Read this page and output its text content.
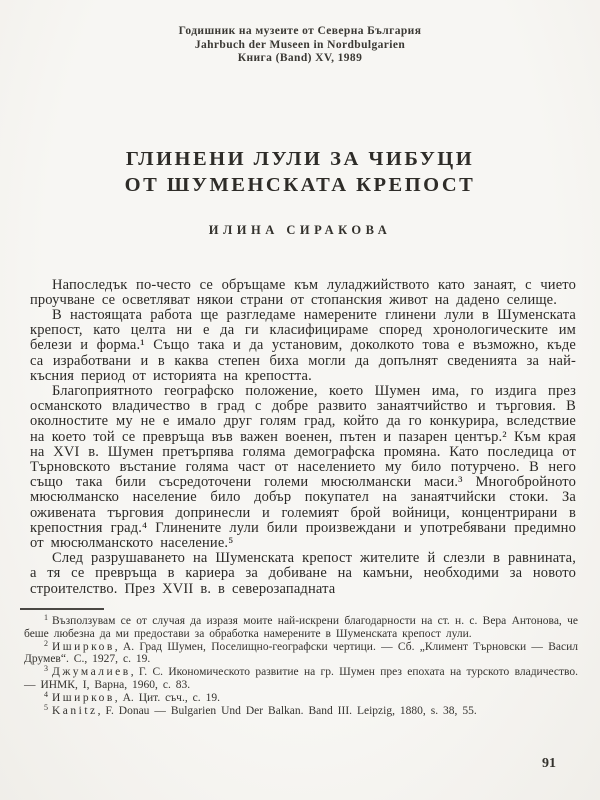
Годишник на музеите от Северна България
Jahrbuch der Museen in Nordbulgarien
Книга (Band) XV, 1989
ГЛИНЕНИ ЛУЛИ ЗА ЧИБУЦИ
ОТ ШУМЕНСКАТА КРЕПОСТ
ИЛИНА СИРАКОВА

Напоследък по-често се обръщаме към луладжийството като занаят, с чието проучване се осветляват някои страни от стопанския живот на дадено селище.

В настоящата работа ще разгледаме намерените глинени лули в Шуменската крепост, като целта ни е да ги класифицираме според хронологическите им белези и форма.¹ Също така и да установим, доколкото това е възможно, къде са изработвани и в каква степен биха могли да допълнят сведенията за най-късния период от историята на крепостта.

Благоприятното географско положение, което Шумен има, го издига през османското владичество в град с добре развито занаятчийство и търговия. В околностите му не е имало друг голям град, който да го конкурира, вследствие на което той се превръща във важен военен, пътен и пазарен център.² Към края на XVI в. Шумен претърпява голяма демографска промяна. Като последица от Търновското въстание голяма част от населението му било потурчено. В него също така били съсредоточени големи мюсюлмански маси.³ Многобройното мюсюлманско население било добър покупател на занаятчийски стоки. За оживената търговия допринесли и големият брой войници, концентрирани в крепостния град.⁴ Глинените лули били произвеждани и употребявани предимно от мюсюлманското население.⁵

След разрушаването на Шуменската крепост жителите й слезли в равнината, а тя се превръща в кариера за добиване на камъни, необходими за новото строителство. През XVII в. в северозападната

$^1$ Възползувам се от случая да изразя моите най-искрени благодарности на ст. н. с. Вера Антонова, че беше любезна да ми предостави за обработка намерените в Шуменската крепост лули.

$^2$ Иширков, А. Град Шумен, Поселищно-географски чертици. — Сб. „Климент Търновски — Васил Друмев“. С., 1927, с. 19.

$^3$ Джумалиев, Г. С. Икономическото развитие на гр. Шумен през епохата на турското владичество. — ИНМК, I, Варна, 1960, с. 83.

$^4$ Иширков, А. Цит. съч., с. 19.

$^5$ Kanitz, F. Donau — Bulgarien Und Der Balkan. Band III. Leipzig, 1880, s. 38, 55.

91
